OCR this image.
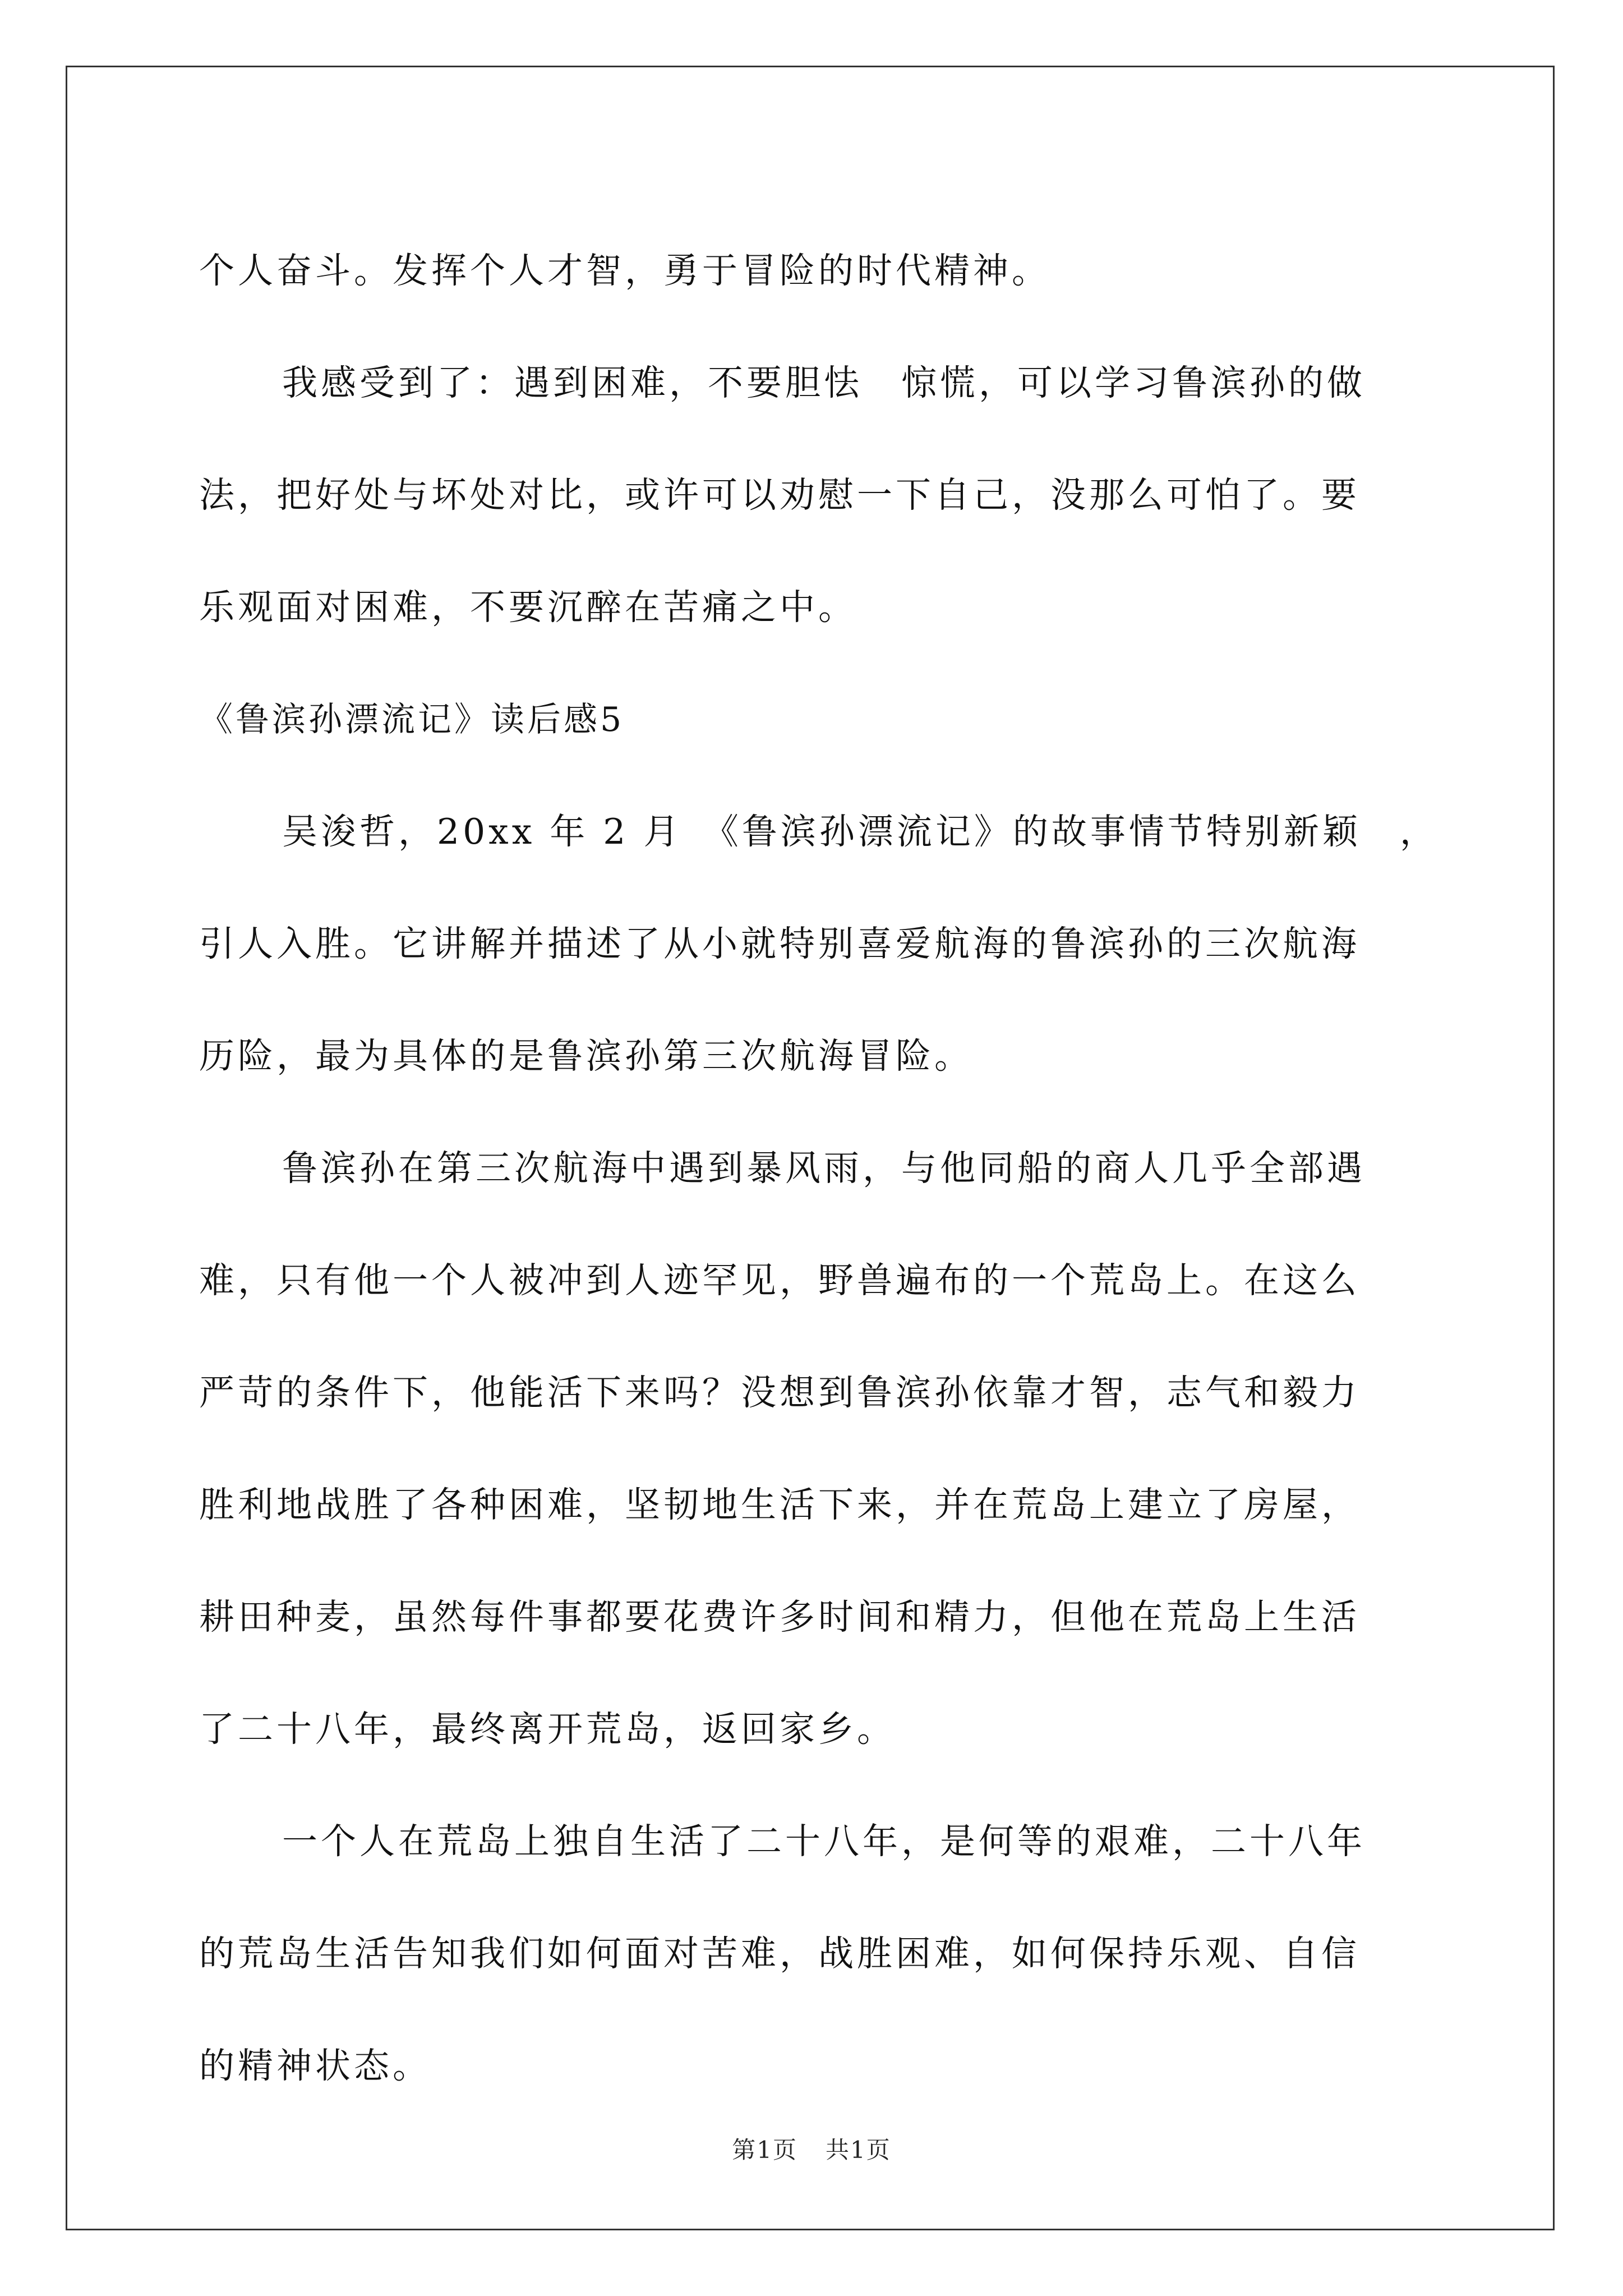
个人奋斗。发挥个人才智，勇于冒险的时代精神。
我感受到了：遇到困难，不要胆怯　惊慌，可以学习鲁滨孙的做
法，把好处与坏处对比，或许可以劝慰一下自己，没那么可怕了。要
乐观面对困难，不要沉醉在苦痛之中。
《鲁滨孙漂流记》读后感5
吴浚哲，20xx 年 2 月　《鲁滨孙漂流记》的故事情节特别新颖　，
引人入胜。它讲解并描述了从小就特别喜爱航海的鲁滨孙的三次航海
历险，最为具体的是鲁滨孙第三次航海冒险。
鲁滨孙在第三次航海中遇到暴风雨，与他同船的商人几乎全部遇
难，只有他一个人被冲到人迹罕见，野兽遍布的一个荒岛上。在这么
严苛的条件下，他能活下来吗？没想到鲁滨孙依靠才智，志气和毅力
胜利地战胜了各种困难，坚韧地生活下来，并在荒岛上建立了房屋，
耕田种麦，虽然每件事都要花费许多时间和精力，但他在荒岛上生活
了二十八年，最终离开荒岛，返回家乡。
一个人在荒岛上独自生活了二十八年，是何等的艰难，二十八年
的荒岛生活告知我们如何面对苦难，战胜困难，如何保持乐观、自信
的精神状态。
第1页 共1页
